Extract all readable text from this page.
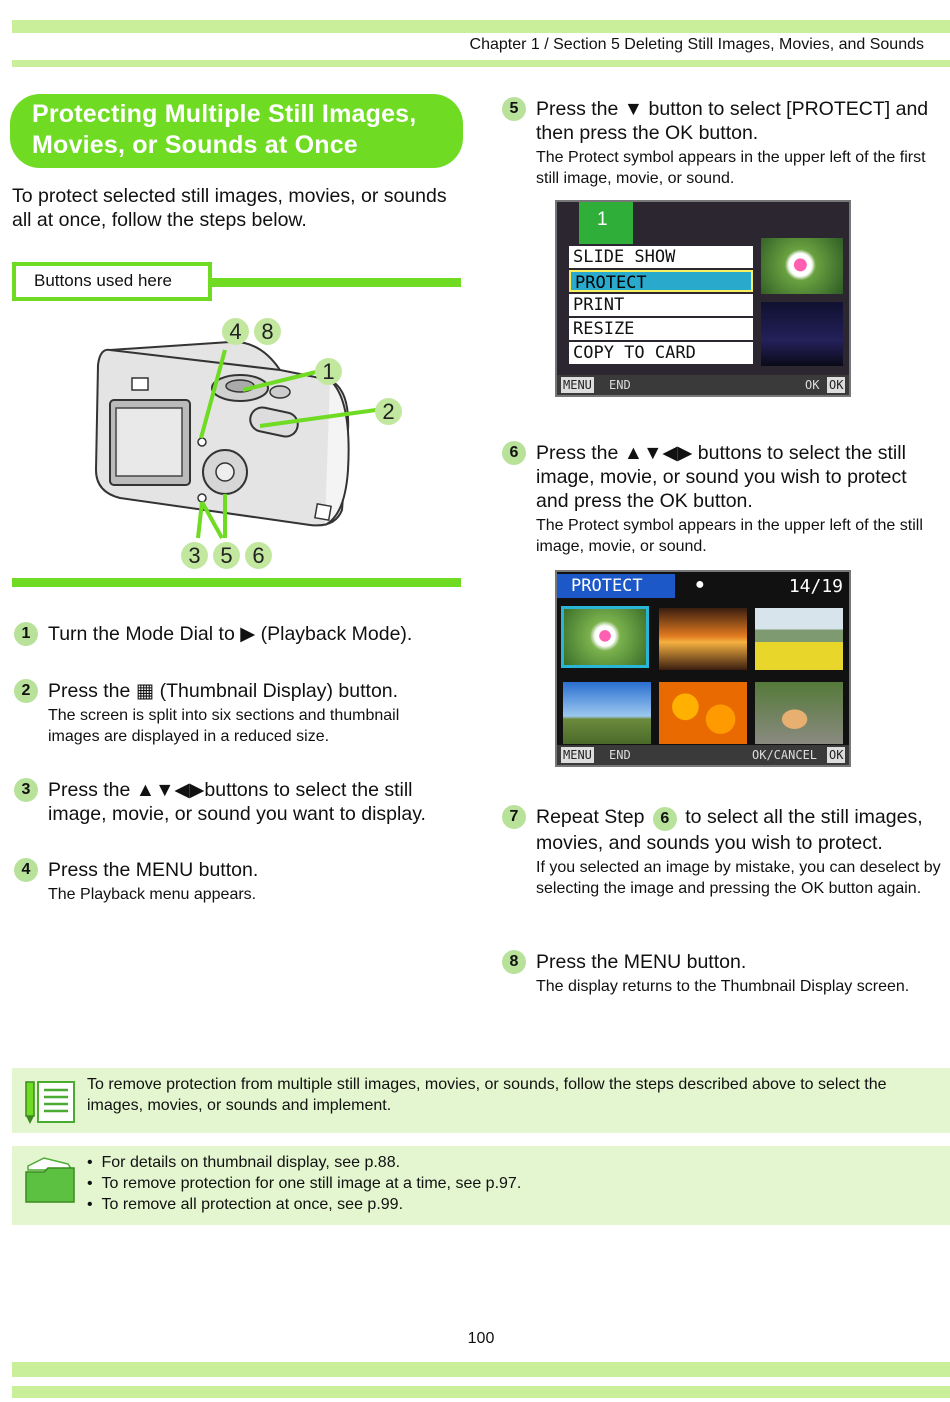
Chapter 1 / Section 5 Deleting Still Images, Movies, and Sounds
Protecting Multiple Still Images,
Movies, or Sounds at Once
To protect selected still images, movies, or sounds all at once, follow the steps below.
Buttons used here
4 8
1
2
3 5 6
1 Turn the Mode Dial to ▶ (Playback Mode).
2 Press the ▦ (Thumbnail Display) button.
The screen is split into six sections and thumbnail images are displayed in a reduced size.
3 Press the ▲▼◀▶buttons to select the still image, movie, or sound you want to display.
4 Press the MENU button.
The Playback menu appears.
5 Press the ▼ button to select [PROTECT] and then press the OK button.
The Protect symbol appears in the upper left of the first still image, movie, or sound.
1
SLIDE SHOW
PROTECT
PRINT
RESIZE
COPY TO CARD
MENU END	OK OK
6 Press the ▲▼◀▶ buttons to select the still image, movie, or sound you wish to protect and press the OK button.
The Protect symbol appears in the upper left of the still image, movie, or sound.
PROTECT	●	14/19
MENU END	OK/CANCEL OK
7 Repeat Step 6 to select all the still images, movies, and sounds you wish to protect.
If you selected an image by mistake, you can deselect by selecting the image and pressing the OK button again.
8 Press the MENU button.
The display returns to the Thumbnail Display screen.
To remove protection from multiple still images, movies, or sounds, follow the steps described above to select the images, movies, or sounds and implement.
•  For details on thumbnail display, see p.88.
•  To remove protection for one still image at a time, see p.97.
•  To remove all protection at once, see p.99.
100
